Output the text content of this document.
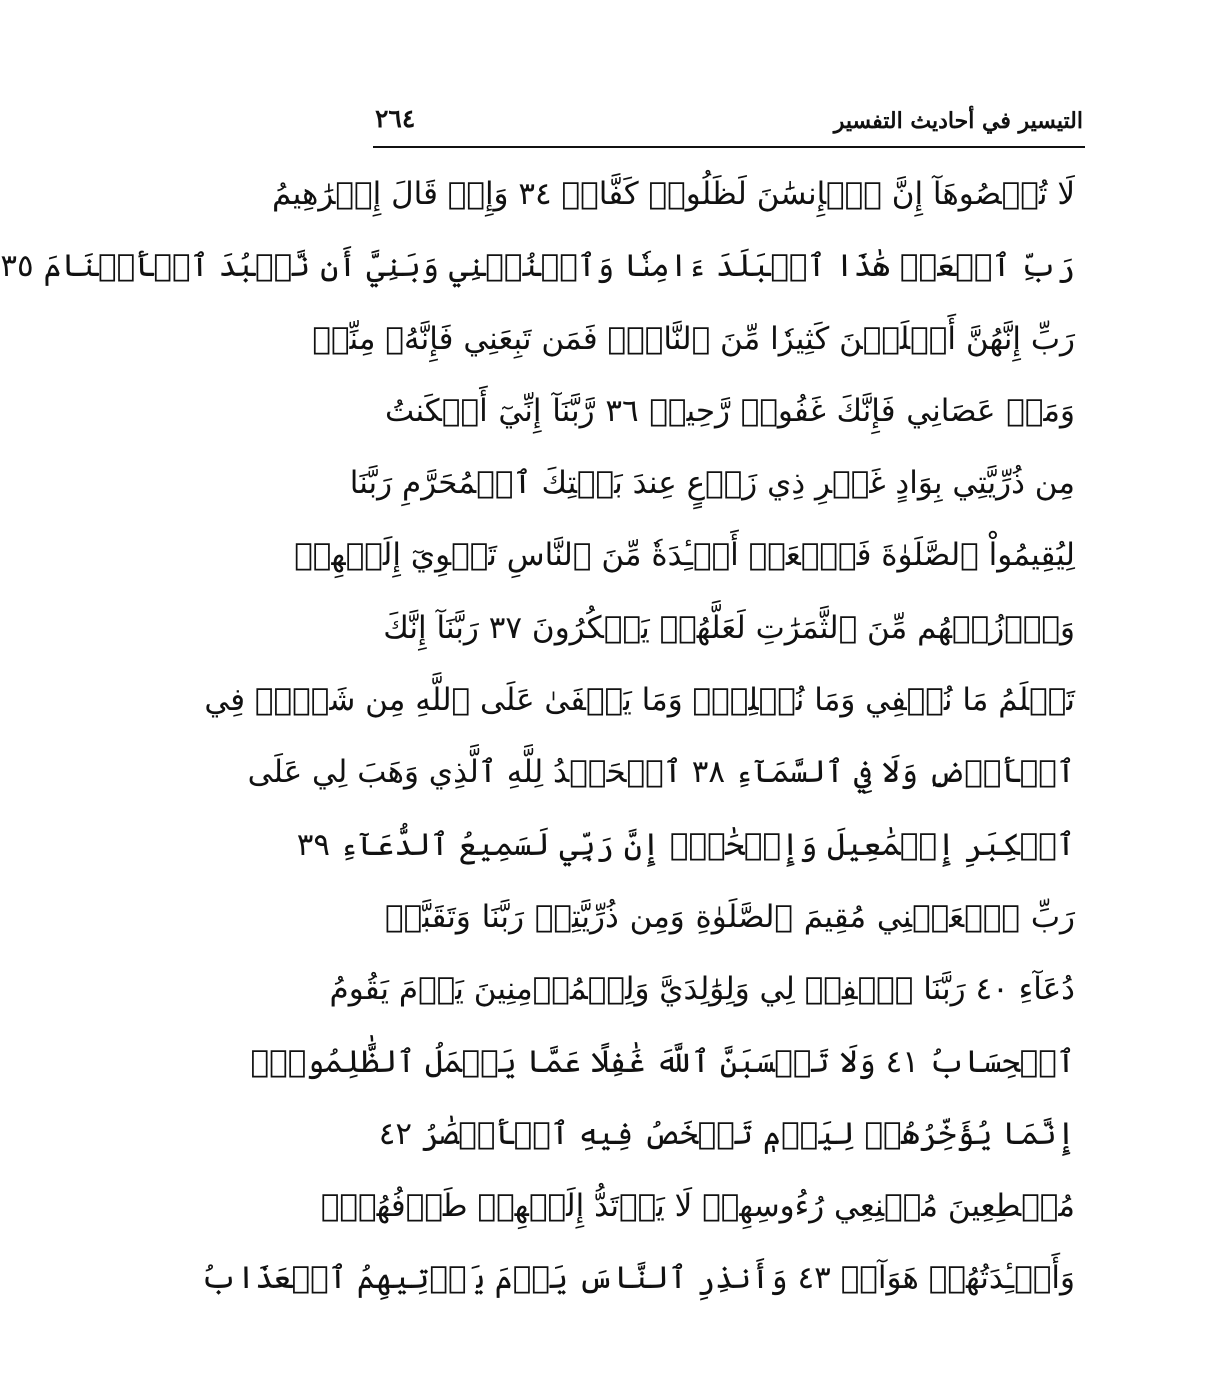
التيسير في أحاديث التفسير
٢٦٤
لَا تُحۡصُوهَآ إِنَّ ٱلۡإِنسَٰنَ لَظَلُومٞ كَفَّارٞ ٣٤ وَإِذۡ قَالَ إِبۡرَٰهِيمُ
رَبِّ ٱجۡعَلۡ هَٰذَا ٱلۡبَلَدَ ءَامِنٗا وَٱجۡنُبۡنِي وَبَنِيَّ أَن نَّعۡبُدَ ٱلۡأَصۡنَامَ ٣٥
رَبِّ إِنَّهُنَّ أَضۡلَلۡنَ كَثِيرٗا مِّنَ ٱلنَّاسِۖ فَمَن تَبِعَنِي فَإِنَّهُۥ مِنِّيۖ
وَمَنۡ عَصَانِي فَإِنَّكَ غَفُورٞ رَّحِيمٞ ٣٦ رَّبَّنَآ إِنِّيٓ أَسۡكَنتُ
مِن ذُرِّيَّتِي بِوَادٍ غَيۡرِ ذِي زَرۡعٍ عِندَ بَيۡتِكَ ٱلۡمُحَرَّمِ رَبَّنَا
لِيُقِيمُواْ ٱلصَّلَوٰةَ فَٱجۡعَلۡ أَفۡـِٔدَةٗ مِّنَ ٱلنَّاسِ تَهۡوِيٓ إِلَيۡهِمۡ
وَٱرۡزُقۡهُم مِّنَ ٱلثَّمَرَٰتِ لَعَلَّهُمۡ يَشۡكُرُونَ ٣٧ رَبَّنَآ إِنَّكَ
تَعۡلَمُ مَا نُخۡفِي وَمَا نُعۡلِنُۗ وَمَا يَخۡفَىٰ عَلَى ٱللَّهِ مِن شَيۡءٖ فِي
ٱلۡأَرۡضِ وَلَا فِي ٱلسَّمَآءِ ٣٨ ٱلۡحَمۡدُ لِلَّهِ ٱلَّذِي وَهَبَ لِي عَلَى
ٱلۡكِبَرِ إِسۡمَٰعِيلَ وَإِسۡحَٰقَۚ إِنَّ رَبِّي لَسَمِيعُ ٱلدُّعَآءِ ٣٩
رَبِّ ٱجۡعَلۡنِي مُقِيمَ ٱلصَّلَوٰةِ وَمِن ذُرِّيَّتِيۚ رَبَّنَا وَتَقَبَّلۡ
دُعَآءِ ٤٠ رَبَّنَا ٱغۡفِرۡ لِي وَلِوَٰلِدَيَّ وَلِلۡمُؤۡمِنِينَ يَوۡمَ يَقُومُ
ٱلۡحِسَابُ ٤١ وَلَا تَحۡسَبَنَّ ٱللَّهَ غَٰفِلًا عَمَّا يَعۡمَلُ ٱلظَّٰلِمُونَۚ
إِنَّمَا يُؤَخِّرُهُمۡ لِيَوۡمٖ تَشۡخَصُ فِيهِ ٱلۡأَبۡصَٰرُ ٤٢
مُهۡطِعِينَ مُقۡنِعِي رُءُوسِهِمۡ لَا يَرۡتَدُّ إِلَيۡهِمۡ طَرۡفُهُمۡۖ
وَأَفۡـِٔدَتُهُمۡ هَوَآءٞ ٤٣ وَأَنذِرِ ٱلنَّاسَ يَوۡمَ يَأۡتِيهِمُ ٱلۡعَذَابُ
